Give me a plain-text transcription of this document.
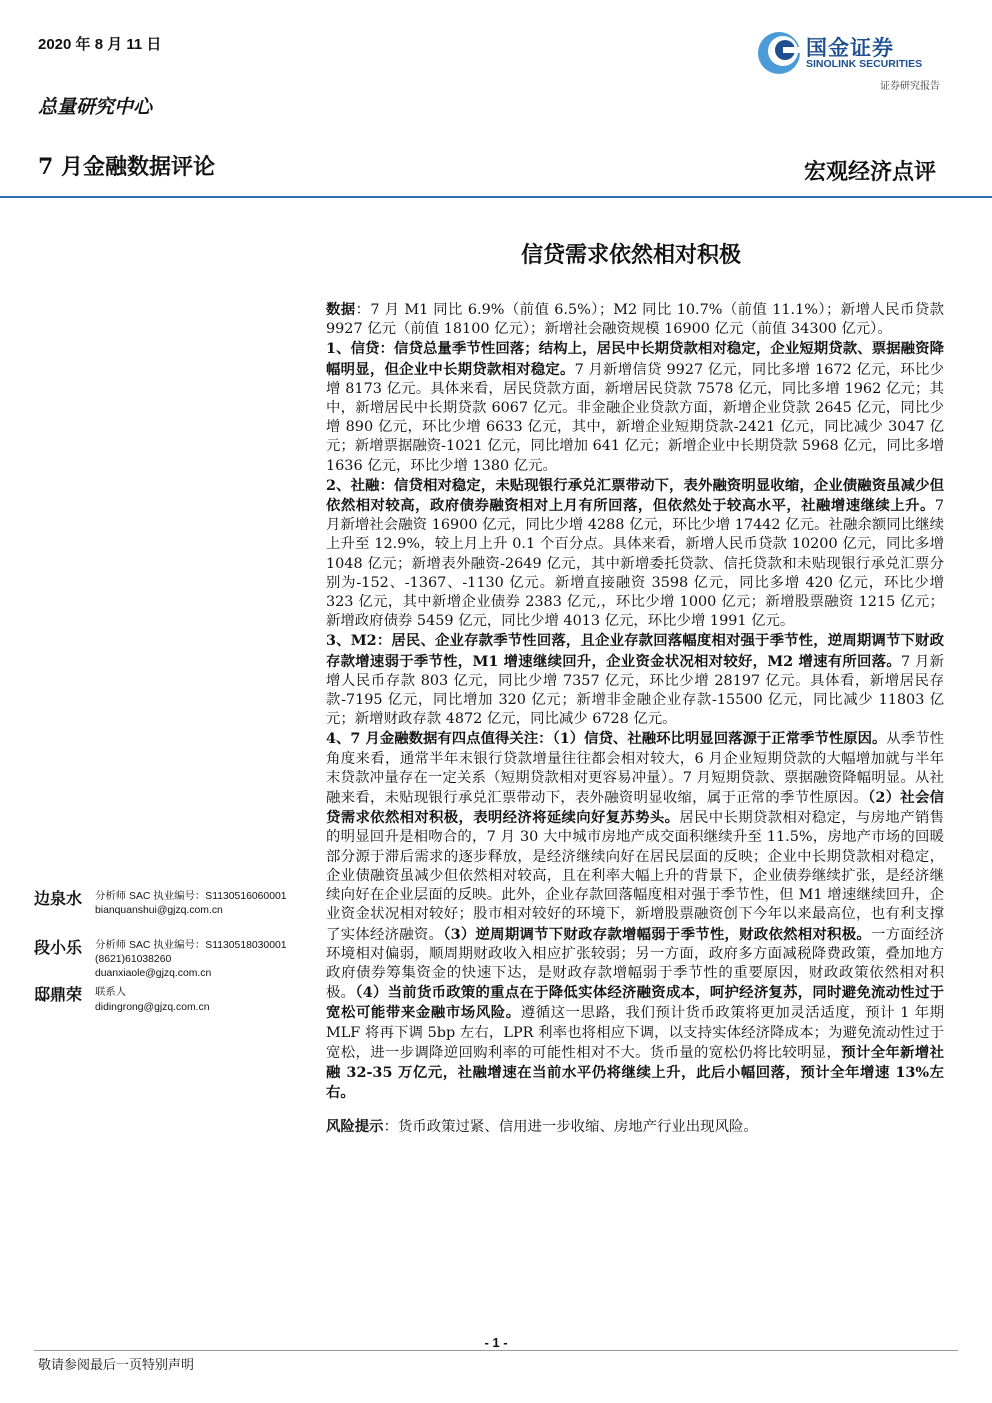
2020 年 8 月 11 日
总量研究中心
7 月金融数据评论	宏观经济点评
国金证券
SINOLINK SECURITIES
证券研究报告
信贷需求依然相对积极

数据：7 月 M1 同比 6.9%（前值 6.5%）；M2 同比 10.7%（前值 11.1%）；新增人民币贷款 9927 亿元（前值 18100 亿元）；新增社会融资规模 16900 亿元（前值 34300 亿元）。

1、信贷：信贷总量季节性回落；结构上，居民中长期贷款相对稳定，企业短期贷款、票据融资降幅明显，但企业中长期贷款相对稳定。7 月新增信贷 9927 亿元，同比多增 1672 亿元，环比少增 8173 亿元。具体来看，居民贷款方面，新增居民贷款 7578 亿元，同比多增 1962 亿元；其中，新增居民中长期贷款 6067 亿元。非金融企业贷款方面，新增企业贷款 2645 亿元，同比少增 890 亿元，环比少增 6633 亿元，其中，新增企业短期贷款-2421 亿元，同比减少 3047 亿元；新增票据融资-1021 亿元，同比增加 641 亿元；新增企业中长期贷款 5968 亿元，同比多增 1636 亿元，环比少增 1380 亿元。

2、社融：信贷相对稳定，未贴现银行承兑汇票带动下，表外融资明显收缩，企业债融资虽减少但依然相对较高，政府债券融资相对上月有所回落，但依然处于较高水平，社融增速继续上升。7 月新增社会融资 16900 亿元，同比少增 4288 亿元，环比少增 17442 亿元。社融余额同比继续上升至 12.9%，较上月上升 0.1 个百分点。具体来看，新增人民币贷款 10200 亿元，同比多增 1048 亿元；新增表外融资-2649 亿元，其中新增委托贷款、信托贷款和未贴现银行承兑汇票分别为-152、-1367、-1130 亿元。新增直接融资 3598 亿元，同比多增 420 亿元，环比少增 323 亿元，其中新增企业债券 2383 亿元,，环比少增 1000 亿元；新增股票融资 1215 亿元；新增政府债券 5459 亿元，同比少增 4013 亿元，环比少增 1991 亿元。

3、M2：居民、企业存款季节性回落，且企业存款回落幅度相对强于季节性，逆周期调节下财政存款增速弱于季节性，M1 增速继续回升，企业资金状况相对较好，M2 增速有所回落。7 月新增人民币存款 803 亿元，同比少增 7357 亿元，环比少增 28197 亿元。具体看，新增居民存款-7195 亿元，同比增加 320 亿元；新增非金融企业存款-15500 亿元，同比减少 11803 亿元；新增财政存款 4872 亿元，同比减少 6728 亿元。

4、7 月金融数据有四点值得关注：（1）信贷、社融环比明显回落源于正常季节性原因。从季节性角度来看，通常半年末银行贷款增量往往都会相对较大，6 月企业短期贷款的大幅增加就与半年末贷款冲量存在一定关系（短期贷款相对更容易冲量）。7 月短期贷款、票据融资降幅明显。从社融来看，未贴现银行承兑汇票带动下，表外融资明显收缩，属于正常的季节性原因。（2）社会信贷需求依然相对积极，表明经济将延续向好复苏势头。居民中长期贷款相对稳定，与房地产销售的明显回升是相吻合的，7 月 30 大中城市房地产成交面积继续升至 11.5%，房地产市场的回暖部分源于滞后需求的逐步释放，是经济继续向好在居民层面的反映；企业中长期贷款相对稳定，企业债融资虽减少但依然相对较高，且在利率大幅上升的背景下，企业债券继续扩张，是经济继续向好在企业层面的反映。此外，企业存款回落幅度相对强于季节性，但 M1 增速继续回升，企业资金状况相对较好；股市相对较好的环境下，新增股票融资创下今年以来最高位，也有利支撑了实体经济融资。（3）逆周期调节下财政存款增幅弱于季节性，财政依然相对积极。一方面经济环境相对偏弱，顺周期财政收入相应扩张较弱；另一方面，政府多方面减税降费政策，叠加地方政府债券筹集资金的快速下达，是财政存款增幅弱于季节性的重要原因，财政政策依然相对积极。（4）当前货币政策的重点在于降低实体经济融资成本，呵护经济复苏，同时避免流动性过于宽松可能带来金融市场风险。遵循这一思路，我们预计货币政策将更加灵活适度，预计 1 年期 MLF 将再下调 5bp 左右，LPR 利率也将相应下调，以支持实体经济降成本；为避免流动性过于宽松，进一步调降逆回购利率的可能性相对不大。货币量的宽松仍将比较明显，预计全年新增社融 32-35 万亿元，社融增速在当前水平仍将继续上升，此后小幅回落，预计全年增速 13%左右。

风险提示：货币政策过紧、信用进一步收缩、房地产行业出现风险。

边泉水 分析师 SAC 执业编号：S1130516060001
bianquanshui@gjzq.com.cn
段小乐 分析师 SAC 执业编号：S1130518030001
(8621)61038260
duanxiaole@gjzq.com.cn
邸鼎荣 联系人
didingrong@gjzq.com.cn
- 1 -
敬请参阅最后一页特别声明
